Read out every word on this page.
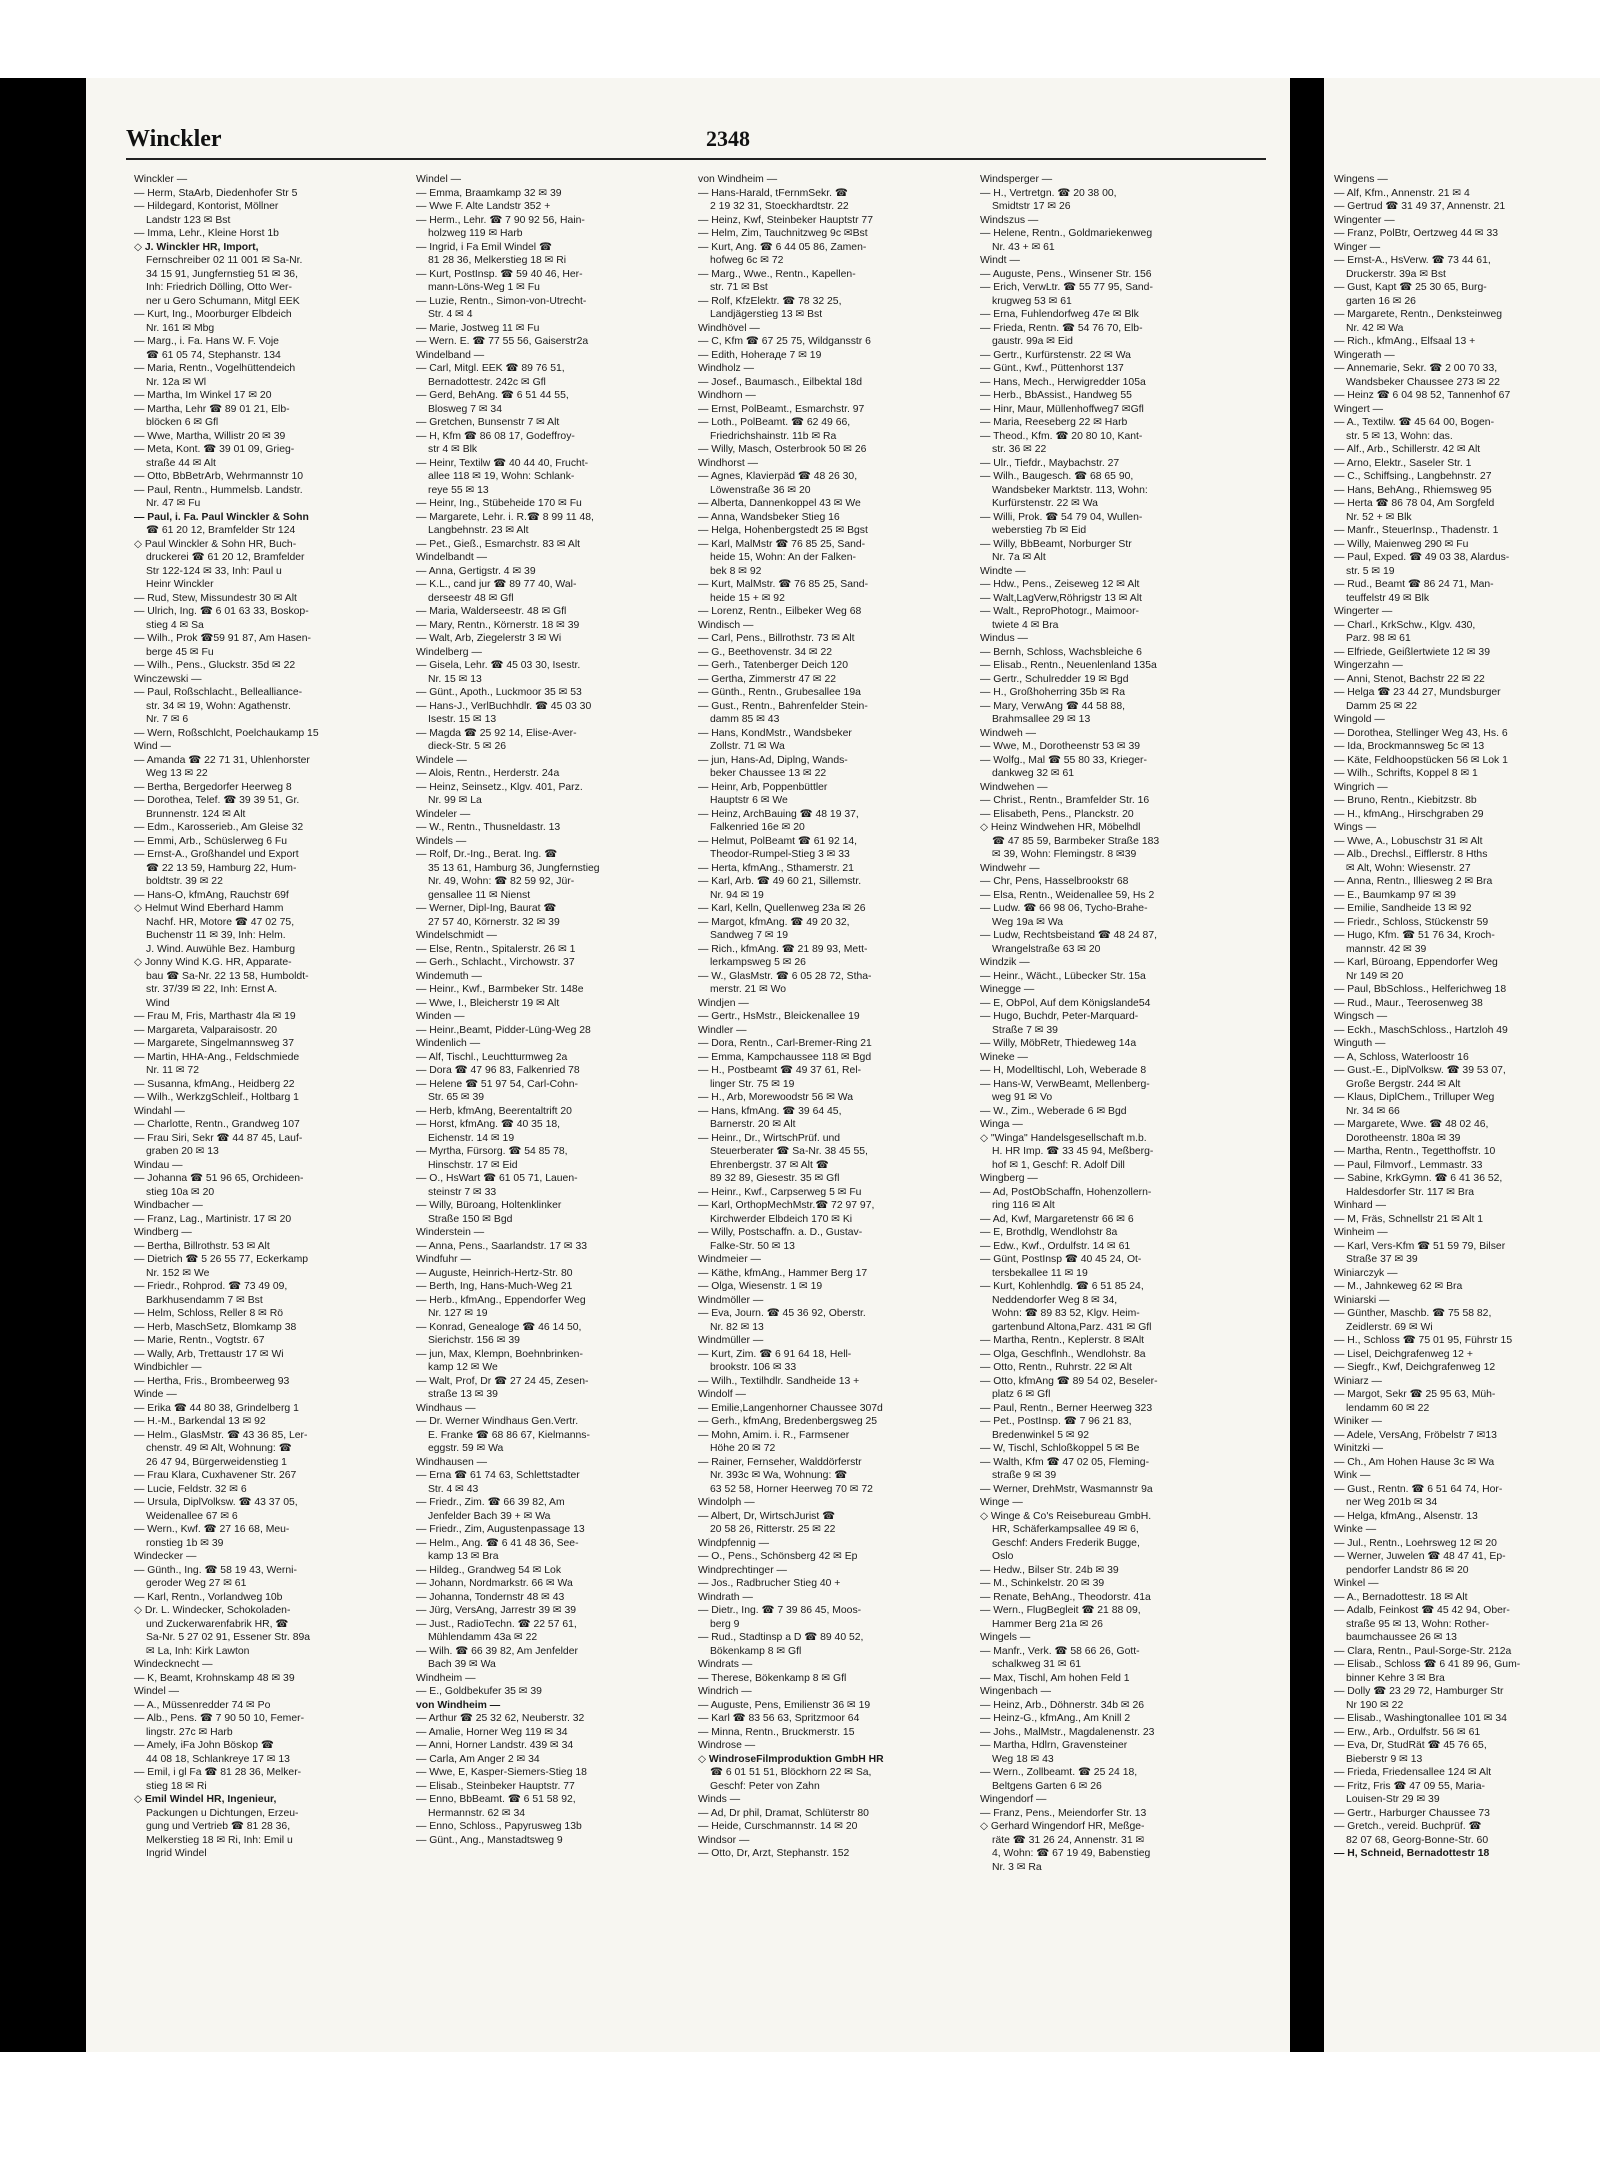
Winckler	2348
Winckler —
— Herm, StaArb, Diedenhofer Str 5
— Hildegard, Kontorist, Möllner
Landstr 123 ✉ Bst
— Imma, Lehr., Kleine Horst 1b
◇ J. Winckler HR, Import,
Fernschreiber 02 11 001 ✉ Sa-Nr.
34 15 91, Jungfernstieg 51 ✉ 36,
Inh: Friedrich Dölling, Otto Wer-
ner u Gero Schumann, Mitgl EEK
— Kurt, Ing., Moorburger Elbdeich
Nr. 161 ✉ Mbg
— Marg., i. Fa. Hans W. F. Voje
☎ 61 05 74, Stephanstr. 134
— Maria, Rentn., Vogelhüttendeich
Nr. 12a ✉ Wl
— Martha, Im Winkel 17 ✉ 20
— Martha, Lehr ☎ 89 01 21, Elb-
blöcken 6 ✉ Gfl
— Wwe, Martha, Willistr 20 ✉ 39
— Meta, Kont. ☎ 39 01 09, Grieg-
straße 44 ✉ Alt
— Otto, BbBetrArb, Wehrmannstr 10
— Paul, Rentn., Hummelsb. Landstr.
Nr. 47 ✉ Fu
— Paul, i. Fa. Paul Winckler & Sohn
☎ 61 20 12, Bramfelder Str 124
◇ Paul Winckler & Sohn HR, Buch-
druckerei ☎ 61 20 12, Bramfelder
Str 122-124 ✉ 33, Inh: Paul u
Heinr Winckler
— Rud, Stew, Missundestr 30 ✉ Alt
— Ulrich, Ing. ☎ 6 01 63 33, Boskop-
stieg 4 ✉ Sa
— Wilh., Prok ☎59 91 87, Am Hasen-
berge 45 ✉ Fu
— Wilh., Pens., Gluckstr. 35d ✉ 22
Winczewski —
— Paul, Roßschlacht., Bellealliance-
str. 34 ✉ 19, Wohn: Agathenstr.
Nr. 7 ✉ 6
— Wern, Roßschlcht, Poelchaukamp 15
Wind —
— Amanda ☎ 22 71 31, Uhlenhorster
Weg 13 ✉ 22
— Bertha, Bergedorfer Heerweg 8
— Dorothea, Telef. ☎ 39 39 51, Gr.
Brunnenstr. 124 ✉ Alt
— Edm., Karosserieb., Am Gleise 32
— Emmi, Arb., Schüslerweg 6 Fu
— Ernst-A., Großhandel und Export
☎ 22 13 59, Hamburg 22, Hum-
boldtstr. 39 ✉ 22
— Hans-O, kfmAng, Rauchstr 69f
◇ Helmut Wind Eberhard Hamm
Nachf. HR, Motore ☎ 47 02 75,
Buchenstr 11 ✉ 39, Inh: Helm.
J. Wind. Auwühle Bez. Hamburg
◇ Jonny Wind K.G. HR, Apparate-
bau ☎ Sa-Nr. 22 13 58, Humboldt-
str. 37/39 ✉ 22, Inh: Ernst A.
Wind
— Frau M, Fris, Marthastr 4la ✉ 19
— Margareta, Valparaisostr. 20
— Margarete, Singelmannsweg 37
— Martin, HHA-Ang., Feldschmiede
Nr. 11 ✉ 72
— Susanna, kfmAng., Heidberg 22
— Wilh., WerkzgSchleif., Holtbarg 1
Windahl —
— Charlotte, Rentn., Grandweg 107
— Frau Siri, Sekr ☎ 44 87 45, Lauf-
graben 20 ✉ 13
Windau —
— Johanna ☎ 51 96 65, Orchideen-
stieg 10a ✉ 20
Windbacher —
— Franz, Lag., Martinistr. 17 ✉ 20
Windberg —
— Bertha, Billrothstr. 53 ✉ Alt
— Dietrich ☎ 5 26 55 77, Eckerkamp
Nr. 152 ✉ We
— Friedr., Rohprod. ☎ 73 49 09,
Barkhusendamm 7 ✉ Bst
— Helm, Schloss, Reller 8 ✉ Rö
— Herb, MaschSetz, Blomkamp 38
— Marie, Rentn., Vogtstr. 67
— Wally, Arb, Trettaustr 17 ✉ Wi
Windbichler —
— Hertha, Fris., Brombeerweg 93
Winde —
— Erika ☎ 44 80 38, Grindelberg 1
— H.-M., Barkendal 13 ✉ 92
— Helm., GlasMstr. ☎ 43 36 85, Ler-
chenstr. 49 ✉ Alt, Wohnung: ☎
26 47 94, Bürgerweidenstieg 1
— Frau Klara, Cuxhavener Str. 267
— Lucie, Feldstr. 32 ✉ 6
— Ursula, DiplVolksw. ☎ 43 37 05,
Weidenallee 67 ✉ 6
— Wern., Kwf. ☎ 27 16 68, Meu-
ronstieg 1b ✉ 39
Windecker —
— Günth., Ing. ☎ 58 19 43, Werni-
geroder Weg 27 ✉ 61
— Karl, Rentn., Vorlandweg 10b
◇ Dr. L. Windecker, Schokoladen-
und Zuckerwarenfabrik HR, ☎
Sa-Nr. 5 27 02 91, Essener Str. 89a
✉ La, Inh: Kirk Lawton
Windecknecht —
— K, Beamt, Krohnskamp 48 ✉ 39
Windel —
— A., Müssenredder 74 ✉ Po
— Alb., Pens. ☎ 7 90 50 10, Femer-
lingstr. 27c ✉ Harb
— Amely, iFa John Böskop ☎
44 08 18, Schlankreye 17 ✉ 13
— Emil, i gl Fa ☎ 81 28 36, Melker-
stieg 18 ✉ Ri
◇ Emil Windel HR, Ingenieur,
Packungen u Dichtungen, Erzeu-
gung und Vertrieb ☎ 81 28 36,
Melkerstieg 18 ✉ Ri, Inh: Emil u
Ingrid Windel
Windel —
— Emma, Braamkamp 32 ✉ 39
— Wwe F. Alte Landstr 352 +
— Herm., Lehr. ☎ 7 90 92 56, Hain-
holzweg 119 ✉ Harb
— Ingrid, i Fa Emil Windel ☎
81 28 36, Melkerstieg 18 ✉ Ri
— Kurt, PostInsp. ☎ 59 40 46, Her-
mann-Löns-Weg 1 ✉ Fu
— Luzie, Rentn., Simon-von-Utrecht-
Str. 4 ✉ 4
— Marie, Jostweg 11 ✉ Fu
— Wern. E. ☎ 77 55 56, Gaiserstr2a
Windelband —
— Carl, Mitgl. EEK ☎ 89 76 51,
Bernadottestr. 242c ✉ Gfl
— Gerd, BehAng. ☎ 6 51 44 55,
Blosweg 7 ✉ 34
— Gretchen, Bunsenstr 7 ✉ Alt
— H, Kfm ☎ 86 08 17, Godeffroy-
str 4 ✉ Blk
— Heinr, Textilw ☎ 40 44 40, Frucht-
allee 118 ✉ 19, Wohn: Schlank-
reye 55 ✉ 13
— Heinr, Ing., Stübeheide 170 ✉ Fu
— Margarete, Lehr. i. R.☎ 8 99 11 48,
Langbehnstr. 23 ✉ Alt
— Pet., Gieß., Esmarchstr. 83 ✉ Alt
Windelbandt —
— Anna, Gertigstr. 4 ✉ 39
— K.L., cand jur ☎ 89 77 40, Wal-
derseestr 48 ✉ Gfl
— Maria, Walderseestr. 48 ✉ Gfl
— Mary, Rentn., Körnerstr. 18 ✉ 39
— Walt, Arb, Ziegelerstr 3 ✉ Wi
Windelberg —
— Gisela, Lehr. ☎ 45 03 30, Isestr.
Nr. 15 ✉ 13
— Günt., Apoth., Luckmoor 35 ✉ 53
— Hans-J., VerlBuchhdlr. ☎ 45 03 30
Isestr. 15 ✉ 13
— Magda ☎ 25 92 14, Elise-Aver-
dieck-Str. 5 ✉ 26
Windele —
— Alois, Rentn., Herderstr. 24a
— Heinz, Seinsetz., Klgv. 401, Parz.
Nr. 99 ✉ La
Windeler —
— W., Rentn., Thusneldastr. 13
Windels —
— Rolf, Dr.-Ing., Berat. Ing. ☎
35 13 61, Hamburg 36, Jungfernstieg
Nr. 49, Wohn: ☎ 82 59 92, Jür-
gensallee 11 ✉ Nienst
— Werner, Dipl-Ing, Baurat ☎
27 57 40, Körnerstr. 32 ✉ 39
Windelschmidt —
— Else, Rentn., Spitalerstr. 26 ✉ 1
— Gerh., Schlacht., Virchowstr. 37
Windemuth —
— Heinr., Kwf., Barmbeker Str. 148e
— Wwe, I., Bleicherstr 19 ✉ Alt
Winden —
— Heinr.,Beamt, Pidder-Lüng-Weg 28
Windenlich —
— Alf, Tischl., Leuchtturmweg 2a
— Dora ☎ 47 96 83, Falkenried 78
— Helene ☎ 51 97 54, Carl-Cohn-
Str. 65 ✉ 39
— Herb, kfmAng, Beerentaltrift 20
— Horst, kfmAng. ☎ 40 35 18,
Eichenstr. 14 ✉ 19
— Myrtha, Fürsorg. ☎ 54 85 78,
Hinschstr. 17 ✉ Eid
— O., HsWart ☎ 61 05 71, Lauen-
steinstr 7 ✉ 33
— Willy, Büroang, Holtenklinker
Straße 150 ✉ Bgd
Winderstein —
— Anna, Pens., Saarlandstr. 17 ✉ 33
Windfuhr —
— Auguste, Heinrich-Hertz-Str. 80
— Berth, Ing, Hans-Much-Weg 21
— Herb., kfmAng., Eppendorfer Weg
Nr. 127 ✉ 19
— Konrad, Genealoge ☎ 46 14 50,
Sierichstr. 156 ✉ 39
— jun, Max, Klempn, Boehnbrinken-
kamp 12 ✉ We
— Walt, Prof, Dr ☎ 27 24 45, Zesen-
straße 13 ✉ 39
Windhaus —
— Dr. Werner Windhaus Gen.Vertr.
E. Franke ☎ 68 86 67, Kielmanns-
eggstr. 59 ✉ Wa
Windhausen —
— Erna ☎ 61 74 63, Schlettstadter
Str. 4 ✉ 43
— Friedr., Zim. ☎ 66 39 82, Am
Jenfelder Bach 39 + ✉ Wa
— Friedr., Zim, Augustenpassage 13
— Helm., Ang. ☎ 6 41 48 36, See-
kamp 13 ✉ Bra
— Hildeg., Grandweg 54 ✉ Lok
— Johann, Nordmarkstr. 66 ✉ Wa
— Johanna, Tondernstr 48 ✉ 43
— Jürg, VersAng, Jarrestr 39 ✉ 39
— Just., RadioTechn. ☎ 22 57 61,
Mühlendamm 43a ✉ 22
— Wilh. ☎ 66 39 82, Am Jenfelder
Bach 39 ✉ Wa
Windheim —
— E., Goldbekufer 35 ✉ 39
von Windheim —
— Arthur ☎ 25 32 62, Neuberstr. 32
— Amalie, Horner Weg 119 ✉ 34
— Anni, Horner Landstr. 439 ✉ 34
— Carla, Am Anger 2 ✉ 34
— Wwe, E, Kasper-Siemers-Stieg 18
— Elisab., Steinbeker Hauptstr. 77
— Enno, BbBeamt. ☎ 6 51 58 92,
Hermannstr. 62 ✉ 34
— Enno, Schloss., Papyrusweg 13b
— Günt., Ang., Manstadtsweg 9
von Windheim —
— Hans-Harald, tFernmSekr. ☎
2 19 32 31, Stoeckhardtstr. 22
— Heinz, Kwf, Steinbeker Hauptstr 77
— Helm, Zim, Tauchnitzweg 9c ✉Bst
— Kurt, Ang. ☎ 6 44 05 86, Zamen-
hofweg 6c ✉ 72
— Marg., Wwe., Rentn., Kapellen-
str. 71 ✉ Bst
— Rolf, KfzElektr. ☎ 78 32 25,
Landjägerstieg 13 ✉ Bst
Windhövel —
— C, Kfm ☎ 67 25 75, Wildgansstr 6
— Edith, Hoheraде 7 ✉ 19
Windholz —
— Josef., Baumasch., Eilbektal 18d
Windhorn —
— Ernst, PolBeamt., Esmarchstr. 97
— Loth., PolBeamt. ☎ 62 49 66,
Friedrichshainstr. 11b ✉ Ra
— Willy, Masch, Osterbrook 50 ✉ 26
Windhorst —
— Agnes, Klavierpäd ☎ 48 26 30,
Löwenstraße 36 ✉ 20
— Alberta, Dannenkoppel 43 ✉ We
— Anna, Wandsbeker Stieg 16
— Helga, Hohenbergstedt 25 ✉ Bgst
— Karl, MalMstr ☎ 76 85 25, Sand-
heide 15, Wohn: An der Falken-
bek 8 ✉ 92
— Kurt, MalMstr. ☎ 76 85 25, Sand-
heide 15 + ✉ 92
— Lorenz, Rentn., Eilbeker Weg 68
Windisch —
— Carl, Pens., Billrothstr. 73 ✉ Alt
— G., Beethovenstr. 34 ✉ 22
— Gerh., Tatenberger Deich 120
— Gertha, Zimmerstr 47 ✉ 22
— Günth., Rentn., Grubesallee 19a
— Gust., Rentn., Bahrenfelder Stein-
damm 85 ✉ 43
— Hans, KondMstr., Wandsbeker
Zollstr. 71 ✉ Wa
— jun, Hans-Ad, Diplng, Wands-
beker Chaussee 13 ✉ 22
— Heinr, Arb, Poppenbüttler
Hauptstr 6 ✉ We
— Heinz, ArchBauing ☎ 48 19 37,
Falkenried 16e ✉ 20
— Helmut, PolBeamt ☎ 61 92 14,
Theodor-Rumpel-Stieg 3 ✉ 33
— Herta, kfmAng., Sthamerstr. 21
— Karl, Arb. ☎ 49 60 21, Sillemstr.
Nr. 94 ✉ 19
— Karl, Kelln, Quellenweg 23a ✉ 26
— Margot, kfmAng. ☎ 49 20 32,
Sandweg 7 ✉ 19
— Rich., kfmAng. ☎ 21 89 93, Mett-
lerkampsweg 5 ✉ 26
— W., GlasMstr. ☎ 6 05 28 72, Stha-
merstr. 21 ✉ Wo
Windjen —
— Gertr., HsMstr., Bleickenallee 19
Windler —
— Dora, Rentn., Carl-Bremer-Ring 21
— Emma, Kampchaussee 118 ✉ Bgd
— H., Postbeamt ☎ 49 37 61, Rel-
linger Str. 75 ✉ 19
— H., Arb, Morewoodstr 56 ✉ Wa
— Hans, kfmAng. ☎ 39 64 45,
Barnerstr. 20 ✉ Alt
— Heinr., Dr., WirtschPrüf. und
Steuerberater ☎ Sa-Nr. 38 45 55,
Ehrenbergstr. 37 ✉ Alt ☎
89 32 89, Giesestr. 35 ✉ Gfl
— Heinr., Kwf., Carpserweg 5 ✉ Fu
— Karl, OrthopMechMstr.☎ 72 97 97,
Kirchwerder Elbdeich 170 ✉ Ki
— Willy, Postschaffn. a. D., Gustav-
Falke-Str. 50 ✉ 13
Windmeier —
— Käthe, kfmAng., Hammer Berg 17
— Olga, Wiesenstr. 1 ✉ 19
Windmöller —
— Eva, Journ. ☎ 45 36 92, Oberstr.
Nr. 82 ✉ 13
Windmüller —
— Kurt, Zim. ☎ 6 91 64 18, Hell-
brookstr. 106 ✉ 33
— Wilh., Textilhdlr. Sandheide 13 +
Windolf —
— Emilie,Langenhorner Chaussee 307d
— Gerh., kfmAng, Bredenbergsweg 25
— Mohn, Amim. i. R., Farmsener
Höhe 20 ✉ 72
— Rainer, Fernseher, Walddörferstr
Nr. 393c ✉ Wa, Wohnung: ☎
63 52 58, Horner Heerweg 70 ✉ 72
Windolph —
— Albert, Dr, WirtschJurist ☎
20 58 26, Ritterstr. 25 ✉ 22
Windpfennig —
— O., Pens., Schönsberg 42 ✉ Ep
Windprechtinger —
— Jos., Radbrucher Stieg 40 +
Windrath —
— Dietr., Ing. ☎ 7 39 86 45, Moos-
berg 9
— Rud., Stadtinsp a D ☎ 89 40 52,
Bökenkamp 8 ✉ Gfl
Windrats —
— Therese, Bökenkamp 8 ✉ Gfl
Windrich —
— Auguste, Pens, Emilienstr 36 ✉ 19
— Karl ☎ 83 56 63, Spritzmoor 64
— Minna, Rentn., Bruckmerstr. 15
Windrose —
◇ WindroseFilmproduktion GmbH HR
☎ 6 01 51 51, Blöckhorn 22 ✉ Sa,
Geschf: Peter von Zahn
Winds —
— Ad, Dr phil, Dramat, Schlüterstr 80
— Heide, Curschmannstr. 14 ✉ 20
Windsor —
— Otto, Dr, Arzt, Stephanstr. 152
Windsperger —
— H., Vertretgn. ☎ 20 38 00,
Smidtstr 17 ✉ 26
Windszus —
— Helene, Rentn., Goldmariekenweg
Nr. 43 + ✉ 61
Windt —
— Auguste, Pens., Winsener Str. 156
— Erich, VerwLtr. ☎ 55 77 95, Sand-
krugweg 53 ✉ 61
— Erna, Fuhlendorfweg 47e ✉ Blk
— Frieda, Rentn. ☎ 54 76 70, Elb-
gaustr. 99a ✉ Eid
— Gertr., Kurfürstenstr. 22 ✉ Wa
— Günt., Kwf., Püttenhorst 137
— Hans, Mech., Herwigredder 105a
— Herb., BbAssist., Handweg 55
— Hinr, Maur, Müllenhoffweg7 ✉Gfl
— Maria, Reeseberg 22 ✉ Harb
— Theod., Kfm. ☎ 20 80 10, Kant-
str. 36 ✉ 22
— Ulr., Tiefdr., Maybachstr. 27
— Wilh., Baugesch. ☎ 68 65 90,
Wandsbeker Marktstr. 113, Wohn:
Kurfürstenstr. 22 ✉ Wa
— Willi, Prok. ☎ 54 79 04, Wullen-
weberstieg 7b ✉ Eid
— Willy, BbBeamt, Norburger Str
Nr. 7a ✉ Alt
Windte —
— Hdw., Pens., Zeiseweg 12 ✉ Alt
— Walt,LagVerw,Röhrigstr 13 ✉ Alt
— Walt., ReproPhotogr., Maimoor-
twiete 4 ✉ Bra
Windus —
— Bernh, Schloss, Wachsbleiche 6
— Elisab., Rentn., Neuenlenland 135a
— Gertr., Schulredder 19 ✉ Bgd
— H., Großhoherring 35b ✉ Ra
— Mary, VerwAng ☎ 44 58 88,
Brahmsallee 29 ✉ 13
Windweh —
— Wwe, M., Dorotheenstr 53 ✉ 39
— Wolfg., Mal ☎ 55 80 33, Krieger-
dankweg 32 ✉ 61
Windwehen —
— Christ., Rentn., Bramfelder Str. 16
— Elisabeth, Pens., Planckstr. 20
◇ Heinz Windwehen HR, Möbelhdl
☎ 47 85 59, Barmbeker Straße 183
✉ 39, Wohn: Flemingstr. 8 ✉39
Windwehr —
— Chr, Pens, Hasselbrookstr 68
— Elsa, Rentn., Weidenallee 59, Hs 2
— Ludw. ☎ 66 98 06, Tycho-Brahe-
Weg 19a ✉ Wa
— Ludw, Rechtsbeistand ☎ 48 24 87,
Wrangelstraße 63 ✉ 20
Windzik —
— Heinr., Wächt., Lübecker Str. 15a
Winegge —
— E, ObPol, Auf dem Königslande54
— Hugo, Buchdr, Peter-Marquard-
Straße 7 ✉ 39
— Willy, MöbRetr, Thiedeweg 14a
Wineke —
— H, Modelltischl, Loh, Weberade 8
— Hans-W, VerwBeamt, Mellenberg-
weg 91 ✉ Vo
— W., Zim., Weberade 6 ✉ Bgd
Winga —
◇ "Winga" Handelsgesellschaft m.b.
H. HR Imp. ☎ 33 45 94, Meßberg-
hof ✉ 1, Geschf: R. Adolf Dill
Wingberg —
— Ad, PostObSchaffn, Hohenzollern-
ring 116 ✉ Alt
— Ad, Kwf, Margaretenstr 66 ✉ 6
— E, Brothdlg, Wendlohstr 8a
— Edw., Kwf., Ordulfstr. 14 ✉ 61
— Günt, PostInsp ☎ 40 45 24, Ot-
tersbekallee 11 ✉ 19
— Kurt, Kohlenhdlg. ☎ 6 51 85 24,
Neddendorfer Weg 8 ✉ 34,
Wohn: ☎ 89 83 52, Klgv. Heim-
gartenbund Altona,Parz. 431 ✉ Gfl
— Martha, Rentn., Keplerstr. 8 ✉Alt
— Olga, Geschflnh., Wendlohstr. 8a
— Otto, Rentn., Ruhrstr. 22 ✉ Alt
— Otto, kfmAng ☎ 89 54 02, Beseler-
platz 6 ✉ Gfl
— Paul, Rentn., Berner Heerweg 323
— Pet., PostInsp. ☎ 7 96 21 83,
Bredenwinkel 5 ✉ 92
— W, Tischl, Schloßkoppel 5 ✉ Be
— Walth, Kfm ☎ 47 02 05, Fleming-
straße 9 ✉ 39
— Werner, DrehMstr, Wasmannstr 9a
Winge —
◇ Winge & Co's Reisebureau GmbH.
HR, Schäferkampsallee 49 ✉ 6,
Geschf: Anders Frederik Bugge,
Oslo
— Hedw., Bilser Str. 24b ✉ 39
— M., Schinkelstr. 20 ✉ 39
— Renate, BehAng., Theodorstr. 41a
— Wern., FlugBegleit ☎ 21 88 09,
Hammer Berg 21a ✉ 26
Wingels —
— Manfr., Verk. ☎ 58 66 26, Gott-
schalkweg 31 ✉ 61
— Max, Tischl, Am hohen Feld 1
Wingenbach —
— Heinz, Arb., Döhnerstr. 34b ✉ 26
— Heinz-G., kfmAng., Am Knill 2
— Johs., MalMstr., Magdalenenstr. 23
— Martha, Hdlrn, Gravensteiner
Weg 18 ✉ 43
— Wern., Zollbeamt. ☎ 25 24 18,
Beltgens Garten 6 ✉ 26
Wingendorf —
— Franz, Pens., Meiendorfer Str. 13
◇ Gerhard Wingendorf HR, Meßge-
räte ☎ 31 26 24, Annenstr. 31 ✉
4, Wohn: ☎ 67 19 49, Babenstieg
Nr. 3 ✉ Ra
Wingens —
— Alf, Kfm., Annenstr. 21 ✉ 4
— Gertrud ☎ 31 49 37, Annenstr. 21
Wingenter —
— Franz, PolBtr, Oertzweg 44 ✉ 33
Winger —
— Ernst-A., HsVerw. ☎ 73 44 61,
Druckerstr. 39a ✉ Bst
— Gust, Kapt ☎ 25 30 65, Burg-
garten 16 ✉ 26
— Margarete, Rentn., Denksteinweg
Nr. 42 ✉ Wa
— Rich., kfmAng., Elfsaal 13 +
Wingerath —
— Annemarie, Sekr. ☎ 2 00 70 33,
Wandsbeker Chaussee 273 ✉ 22
— Heinz ☎ 6 04 98 52, Tannenhof 67
Wingert —
— A., Textilw. ☎ 45 64 00, Bogen-
str. 5 ✉ 13, Wohn: das.
— Alf., Arb., Schillerstr. 42 ✉ Alt
— Arno, Elektr., Saseler Str. 1
— C., Schiffsing., Langbehnstr. 27
— Hans, BehAng., Rhiemsweg 95
— Herta ☎ 86 78 04, Am Sorgfeld
Nr. 52 + ✉ Blk
— Manfr., SteuerInsp., Thadenstr. 1
— Willy, Maienweg 290 ✉ Fu
— Paul, Exped. ☎ 49 03 38, Alardus-
str. 5 ✉ 19
— Rud., Beamt ☎ 86 24 71, Man-
teuffelstr 49 ✉ Blk
Wingerter —
— Charl., KrkSchw., Klgv. 430,
Parz. 98 ✉ 61
— Elfriede, Geißlertwiete 12 ✉ 39
Wingerzahn —
— Anni, Stenot, Bachstr 22 ✉ 22
— Helga ☎ 23 44 27, Mundsburger
Damm 25 ✉ 22
Wingold —
— Dorothea, Stellinger Weg 43, Hs. 6
— Ida, Brockmannsweg 5c ✉ 13
— Käte, Feldhoopstücken 56 ✉ Lok 1
— Wilh., Schrifts, Koppel 8 ✉ 1
Wingrich —
— Bruno, Rentn., Kiebitzstr. 8b
— H., kfmAng., Hirschgraben 29
Wings —
— Wwe, A., Lobuschstr 31 ✉ Alt
— Alb., Drechsl., Eifflerstr. 8 Hths
✉ Alt, Wohn: Wiesenstr. 27
— Anna, Rentn., Illiesweg 2 ✉ Bra
— E., Baumkamp 97 ✉ 39
— Emilie, Sandheide 13 ✉ 92
— Friedr., Schloss, Stückenstr 59
— Hugo, Kfm. ☎ 51 76 34, Kroch-
mannstr. 42 ✉ 39
— Karl, Büroang, Eppendorfer Weg
Nr 149 ✉ 20
— Paul, BbSchloss., Helferichweg 18
— Rud., Maur., Teerosenweg 38
Wingsch —
— Eckh., MaschSchloss., Hartzloh 49
Winguth —
— A, Schloss, Waterloostr 16
— Gust.-E., DiplVolksw. ☎ 39 53 07,
Große Bergstr. 244 ✉ Alt
— Klaus, DiplChem., Trilluper Weg
Nr. 34 ✉ 66
— Margarete, Wwe. ☎ 48 02 46,
Dorotheenstr. 180a ✉ 39
— Martha, Rentn., Tegetthoffstr. 10
— Paul, Filmvorf., Lemmastr. 33
— Sabine, KrkGymn. ☎ 6 41 36 52,
Haldesdorfer Str. 117 ✉ Bra
Winhard —
— M, Fräs, Schnellstr 21 ✉ Alt 1
Winheim —
— Karl, Vers-Kfm ☎ 51 59 79, Bilser
Straße 37 ✉ 39
Winiarczyk —
— M., Jahnkeweg 62 ✉ Bra
Winiarski —
— Günther, Maschb. ☎ 75 58 82,
Zeidlerstr. 69 ✉ Wi
— H., Schloss ☎ 75 01 95, Führstr 15
— Lisel, Deichgrafenweg 12 +
— Siegfr., Kwf, Deichgrafenweg 12
Winiarz —
— Margot, Sekr ☎ 25 95 63, Müh-
lendamm 60 ✉ 22
Winiker —
— Adele, VersAng, Fröbelstr 7 ✉13
Winitzki —
— Ch., Am Hohen Hause 3c ✉ Wa
Wink —
— Gust., Rentn. ☎ 6 51 64 74, Hor-
ner Weg 201b ✉ 34
— Helga, kfmAng., Alsenstr. 13
Winke —
— Jul., Rentn., Loehrsweg 12 ✉ 20
— Werner, Juwelen ☎ 48 47 41, Ep-
pendorfer Landstr 86 ✉ 20
Winkel —
— A., Bernadottestr. 18 ✉ Alt
— Adalb, Feinkost ☎ 45 42 94, Ober-
straße 95 ✉ 13, Wohn: Rother-
baumchaussee 26 ✉ 13
— Clara, Rentn., Paul-Sorge-Str. 212a
— Elisab., Schloss ☎ 6 41 89 96, Gum-
binner Kehre 3 ✉ Bra
— Dolly ☎ 23 29 72, Hamburger Str
Nr 190 ✉ 22
— Elisab., Washingtonallee 101 ✉ 34
— Erw., Arb., Ordulfstr. 56 ✉ 61
— Eva, Dr, StudRät ☎ 45 76 65,
Bieberstr 9 ✉ 13
— Frieda, Friedensallee 124 ✉ Alt
— Fritz, Fris ☎ 47 09 55, Maria-
Louisen-Str 29 ✉ 39
— Gertr., Harburger Chaussee 73
— Gretch., vereid. Buchprüf. ☎
82 07 68, Georg-Bonne-Str. 60
— H, Schneid, Bernadottestr 18
